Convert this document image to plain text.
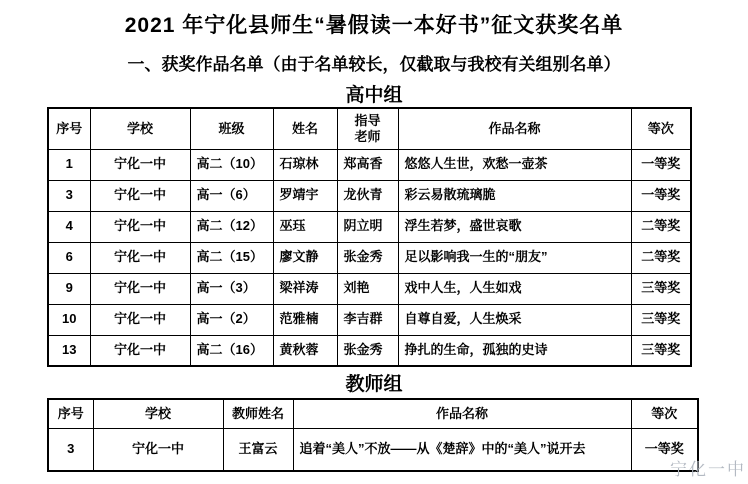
2021 年宁化县师生“暑假读一本好书”征文获奖名单
一、获奖作品名单（由于名单较长，仅截取与我校有关组别名单）
高中组
序号	学校	班级	姓名	指导老师	作品名称	等次
1	宁化一中	高二（10）	石琼林	郑高香	悠悠人生世，欢愁一壶茶	一等奖
3	宁化一中	高一（6）	罗靖宇	龙伙青	彩云易散琉璃脆	一等奖
4	宁化一中	高二（12）	巫珏	阴立明	浮生若梦，盛世哀歌	二等奖
6	宁化一中	高二（15）	廖文静	张金秀	足以影响我一生的“朋友”	二等奖
9	宁化一中	高一（3）	梁祥涛	刘艳	戏中人生，人生如戏	三等奖
10	宁化一中	高一（2）	范雅楠	李吉群	自尊自爱，人生焕采	三等奖
13	宁化一中	高二（16）	黄秋蓉	张金秀	挣扎的生命，孤独的史诗	三等奖
教师组
序号	学校	教师姓名	作品名称	等次
3	宁化一中	王富云	追着“美人”不放——从《楚辞》中的“美人”说开去	一等奖
宁化一中
